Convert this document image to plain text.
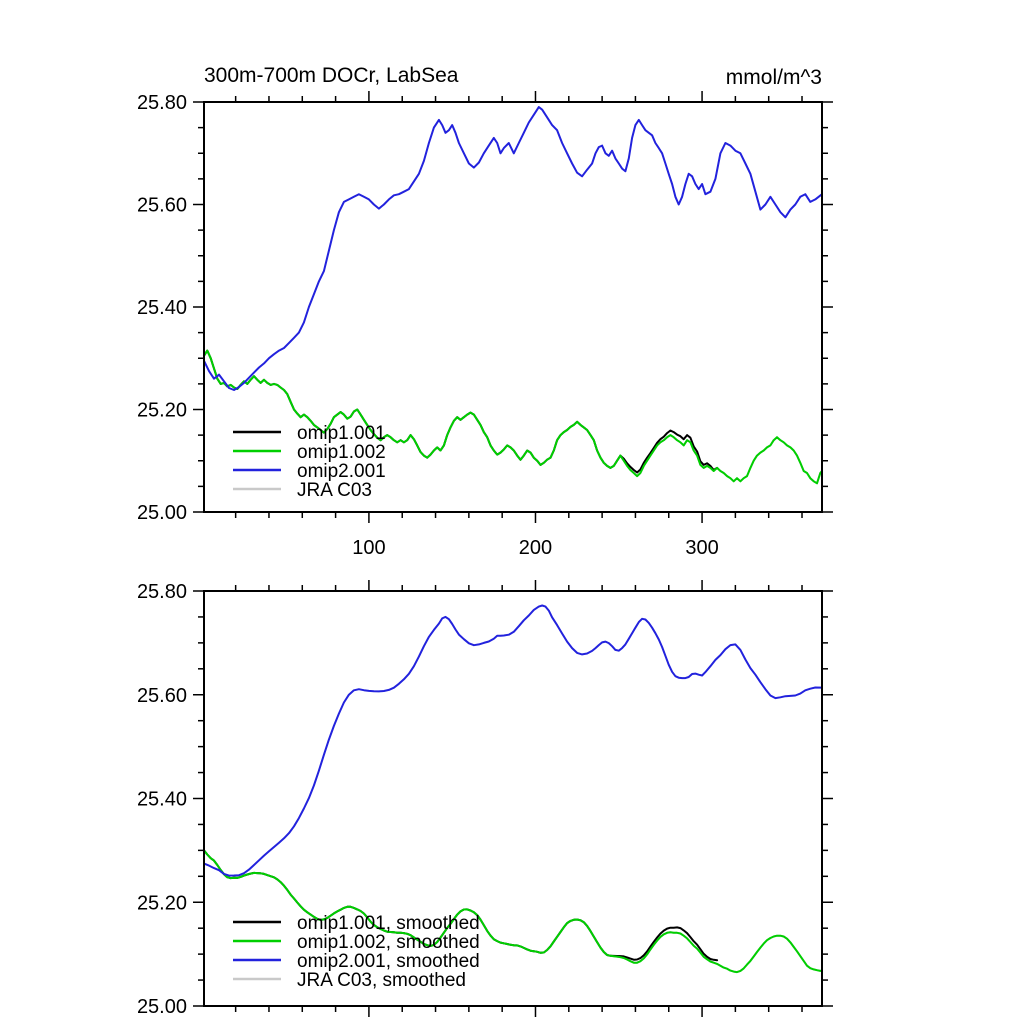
300m-700m DOCr, LabSea	mmol/m^3
25.00
25.20
25.40
25.60
25.80
100	200	300
omip1.001
omip1.002
omip2.001
JRA C03
25.00
25.20
25.40
25.60
25.80
omip1.001, smoothed
omip1.002, smoothed
omip2.001, smoothed
JRA C03, smoothed
